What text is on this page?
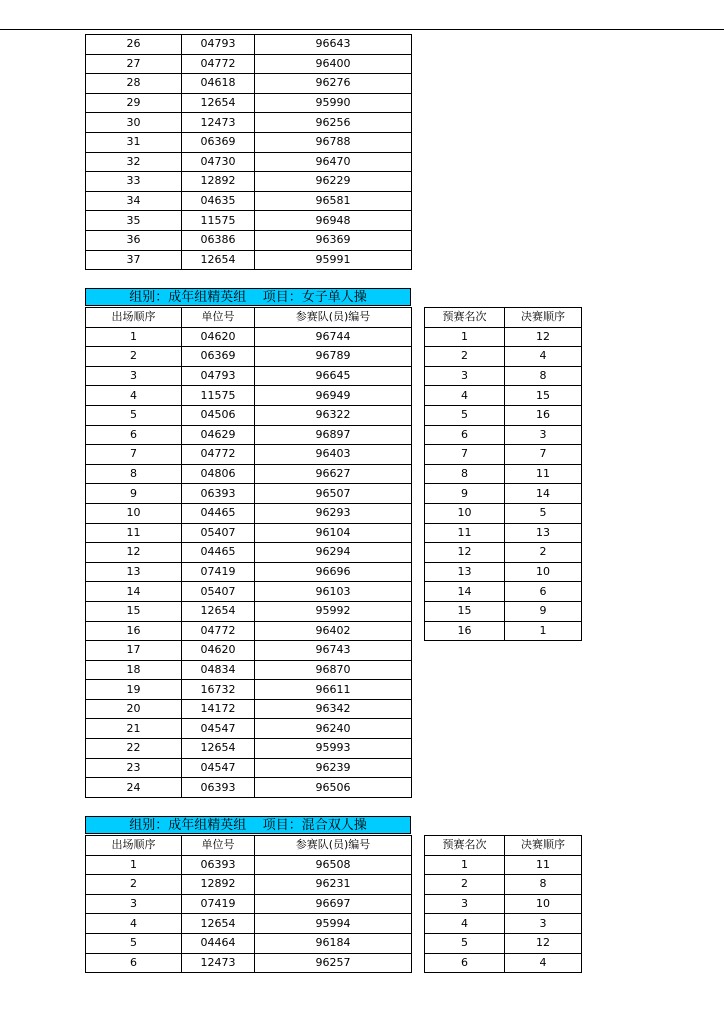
26	04793	96643
27	04772	96400
28	04618	96276
29	12654	95990
30	12473	96256
31	06369	96788
32	04730	96470
33	12892	96229
34	04635	96581
35	11575	96948
36	06386	96369
37	12654	95991
组别：成年组精英组    项目：女子单人操
出场顺序	单位号	参赛队(员)编号
1	04620	96744
2	06369	96789
3	04793	96645
4	11575	96949
5	04506	96322
6	04629	96897
7	04772	96403
8	04806	96627
9	06393	96507
10	04465	96293
11	05407	96104
12	04465	96294
13	07419	96696
14	05407	96103
15	12654	95992
16	04772	96402
17	04620	96743
18	04834	96870
19	16732	96611
20	14172	96342
21	04547	96240
22	12654	95993
23	04547	96239
24	06393	96506
预赛名次	决赛顺序
1	12
2	4
3	8
4	15
5	16
6	3
7	7
8	11
9	14
10	5
11	13
12	2
13	10
14	6
15	9
16	1
组别：成年组精英组    项目：混合双人操
出场顺序	单位号	参赛队(员)编号
1	06393	96508
2	12892	96231
3	07419	96697
4	12654	95994
5	04464	96184
6	12473	96257
预赛名次	决赛顺序
1	11
2	8
3	10
4	3
5	12
6	4
